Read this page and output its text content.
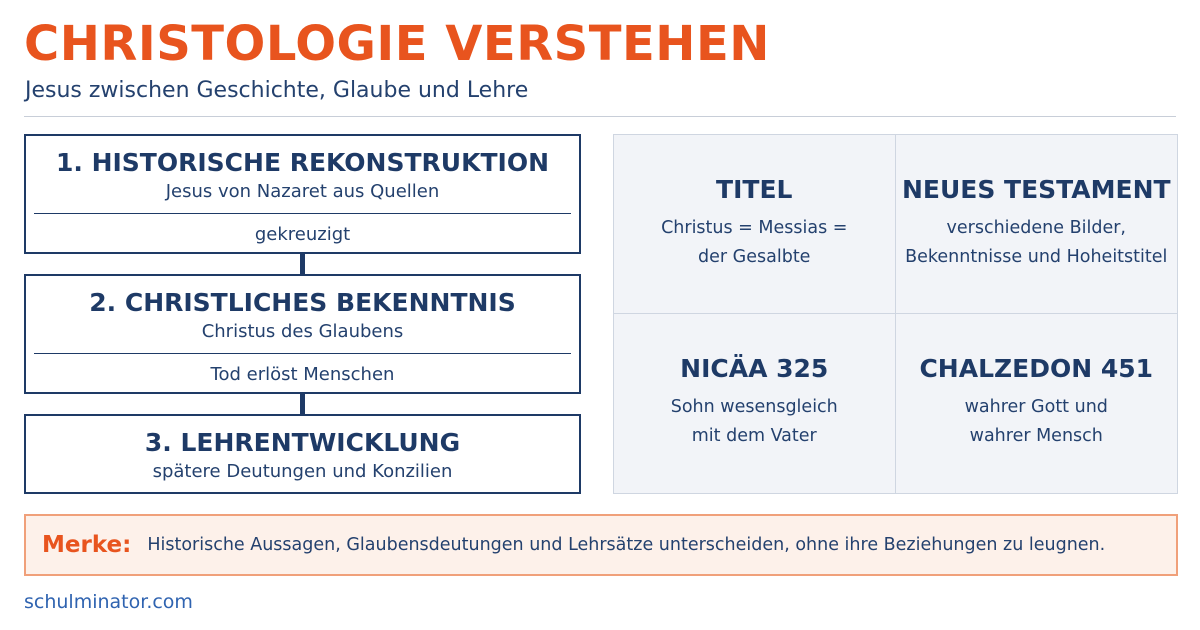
CHRISTOLOGIE VERSTEHEN
Jesus zwischen Geschichte, Glaube und Lehre
1. HISTORISCHE REKONSTRUKTION
Jesus von Nazaret aus Quellen
gekreuzigt
2. CHRISTLICHES BEKENNTNIS
Christus des Glaubens
Tod erlöst Menschen
3. LEHRENTWICKLUNG
spätere Deutungen und Konzilien
TITEL
Christus = Messias =
der Gesalbte
NEUES TESTAMENT
verschiedene Bilder,
Bekenntnisse und Hoheitstitel
NICÄA 325
Sohn wesensgleich
mit dem Vater
CHALZEDON 451
wahrer Gott und
wahrer Mensch
Merke: Historische Aussagen, Glaubensdeutungen und Lehrsätze unterscheiden, ohne ihre Beziehungen zu leugnen.
schulminator.com
